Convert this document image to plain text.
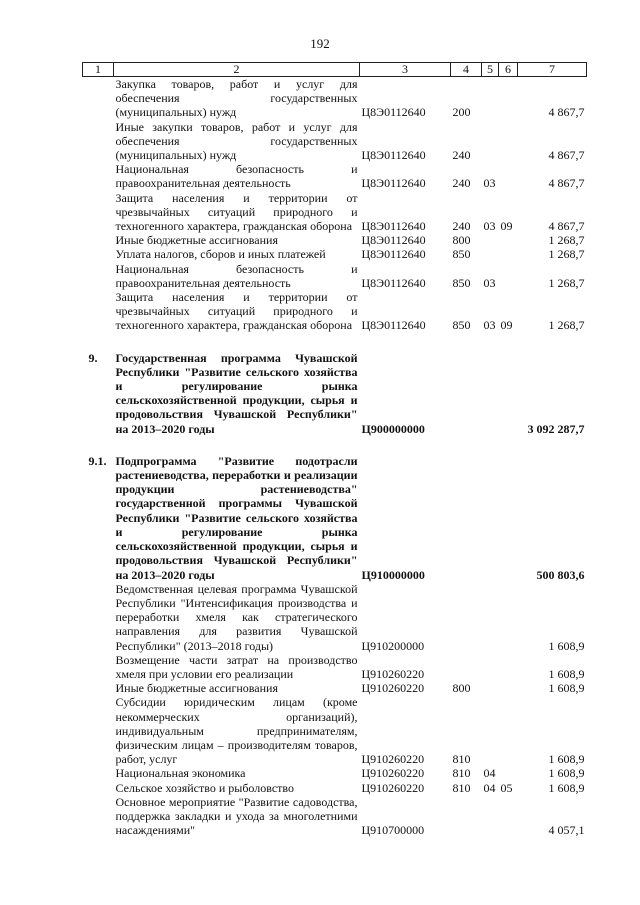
192
1	2	3	4	5	6	7
	Закупка товаров, работ и услуг для обеспечения государственных (муниципальных) нужд	Ц8Э0112640	200			4 867,7
	Иные закупки товаров, работ и услуг для обеспечения государственных (муниципальных) нужд	Ц8Э0112640	240			4 867,7
	Национальная безопасность и правоохранительная деятельность	Ц8Э0112640	240	03		4 867,7
	Защита населения и территории от чрезвычайных ситуаций природного и техногенного характера, гражданская оборона	Ц8Э0112640	240	03	09	4 867,7
	Иные бюджетные ассигнования	Ц8Э0112640	800			1 268,7
	Уплата налогов, сборов и иных платежей	Ц8Э0112640	850			1 268,7
	Национальная безопасность и правоохранительная деятельность	Ц8Э0112640	850	03		1 268,7
	Защита населения и территории от чрезвычайных ситуаций природного и техногенного характера, гражданская оборона	Ц8Э0112640	850	03	09	1 268,7

9.	Государственная программа Чувашской Республики "Развитие сельского хозяйства и регулирование рынка сельскохозяйственной продукции, сырья и продовольствия Чувашской Республики" на 2013–2020 годы	Ц900000000				3 092 287,7

9.1.	Подпрограмма "Развитие подотрасли растениеводства, переработки и реализации продукции растениеводства" государственной программы Чувашской Республики "Развитие сельского хозяйства и регулирование рынка сельскохозяйственной продукции, сырья и продовольствия Чувашской Республики" на 2013–2020 годы	Ц910000000				500 803,6
	Ведомственная целевая программа Чувашской Республики "Интенсификация производства и переработки хмеля как стратегического направления для развития Чувашской Республики" (2013–2018 годы)	Ц910200000				1 608,9
	Возмещение части затрат на производство хмеля при условии его реализации	Ц910260220				1 608,9
	Иные бюджетные ассигнования	Ц910260220	800			1 608,9
	Субсидии юридическим лицам (кроме некоммерческих организаций), индивидуальным предпринимателям, физическим лицам – производителям товаров, работ, услуг	Ц910260220	810			1 608,9
	Национальная экономика	Ц910260220	810	04		1 608,9
	Сельское хозяйство и рыболовство	Ц910260220	810	04	05	1 608,9
	Основное мероприятие "Развитие садоводства, поддержка закладки и ухода за многолетними насаждениями"	Ц910700000				4 057,1
